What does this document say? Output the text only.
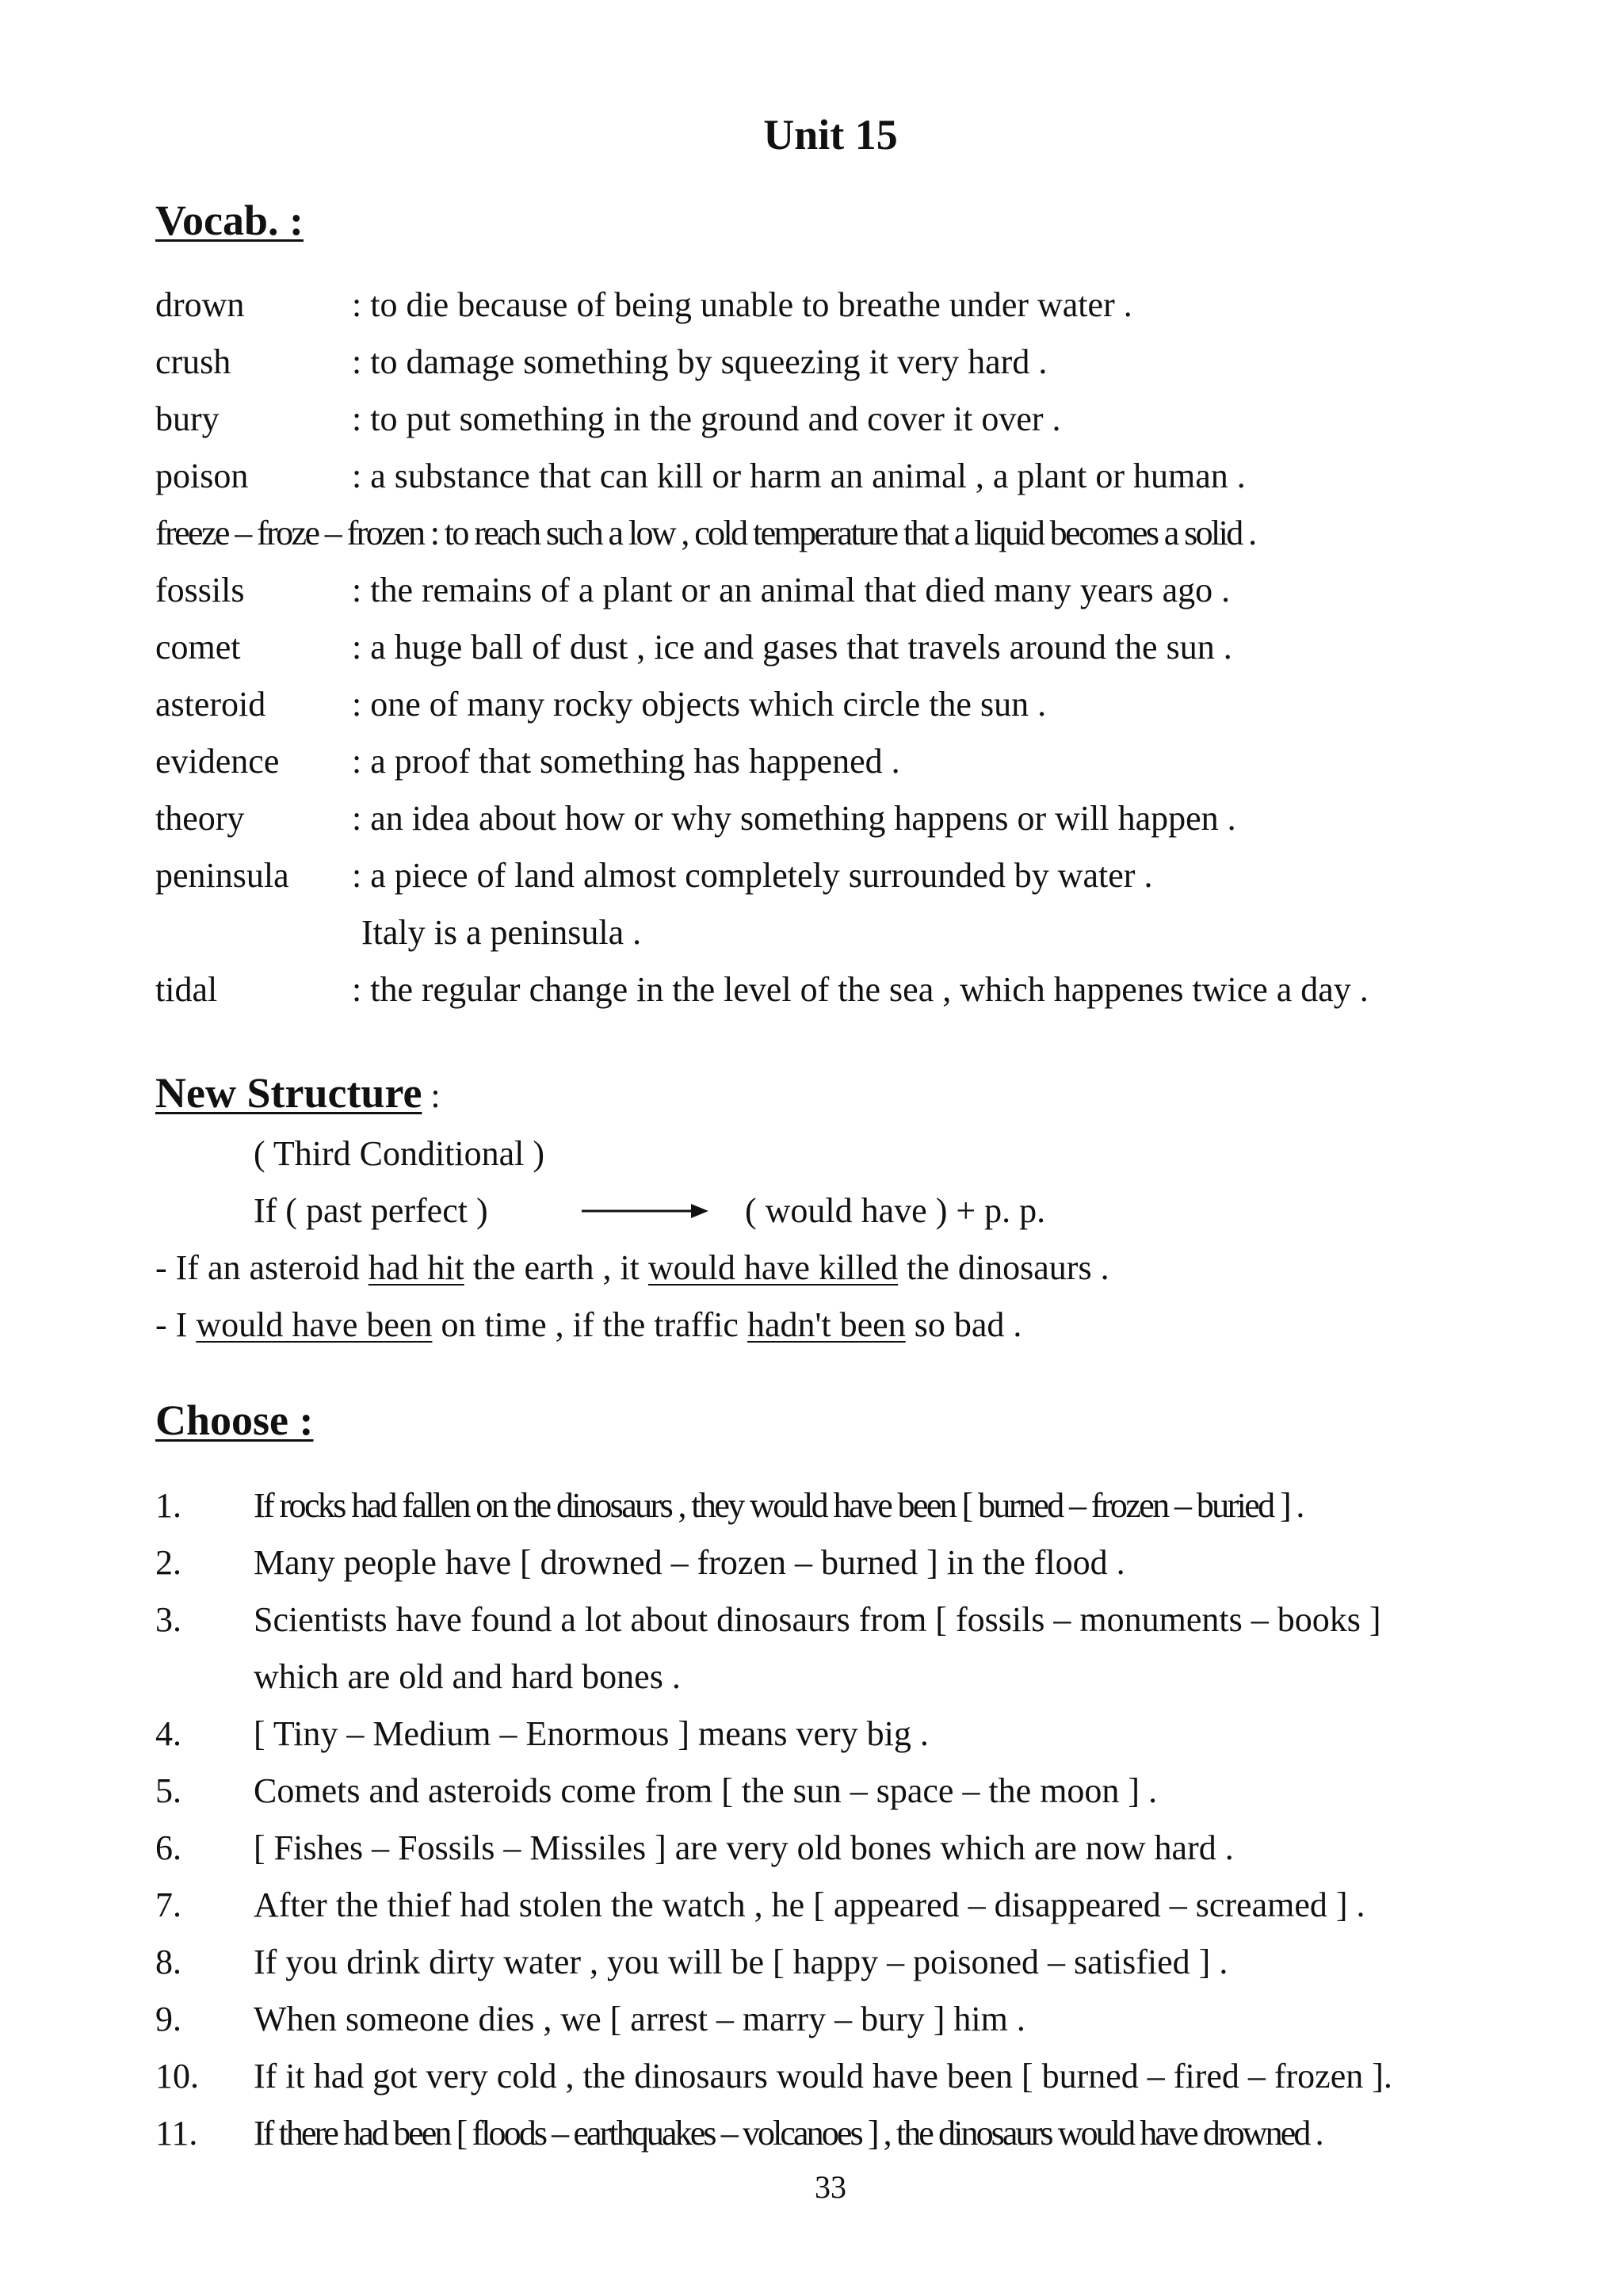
Unit 15
Vocab. :
drown	: to die because of being unable to breathe under water .
crush	: to damage something by squeezing it very hard .
bury	: to put something in the ground and cover it over .
poison	: a substance that can kill or harm an animal , a plant or human .
freeze – froze – frozen : to reach such a low , cold temperature that a liquid becomes a solid .
fossils	: the remains of a plant or an animal that died many years ago .
comet	: a huge ball of dust , ice and gases that travels around the sun .
asteroid : one of many rocky objects which circle the sun .
evidence : a proof that something has happened .
theory	: an idea about how or why something happens or will happen .
peninsula : a piece of land almost completely surrounded by water .
Italy is a peninsula .
tidal	: the regular change in the level of the sea , which happenes twice a day .
New Structure :
( Third Conditional )
If ( past perfect )	( would have ) + p. p.
- If an asteroid had hit the earth , it would have killed the dinosaurs .
- I would have been on time , if the traffic hadn't been so bad .
Choose :
1. If rocks had fallen on the dinosaurs , they would have been [ burned – frozen – buried ] .
2. Many people have [ drowned – frozen – burned ] in the flood .
3. Scientists have found a lot about dinosaurs from [ fossils – monuments – books ]
which are old and hard bones .
4. [ Tiny – Medium – Enormous ] means very big .
5. Comets and asteroids come from [ the sun – space – the moon ] .
6. [ Fishes – Fossils – Missiles ] are very old bones which are now hard .
7. After the thief had stolen the watch , he [ appeared – disappeared – screamed ] .
8. If you drink dirty water , you will be [ happy – poisoned – satisfied ] .
9. When someone dies , we [ arrest – marry – bury ] him .
10. If it had got very cold , the dinosaurs would have been [ burned – fired – frozen ].
11. If there had been [ floods – earthquakes – volcanoes ] , the dinosaurs would have drowned .
33
